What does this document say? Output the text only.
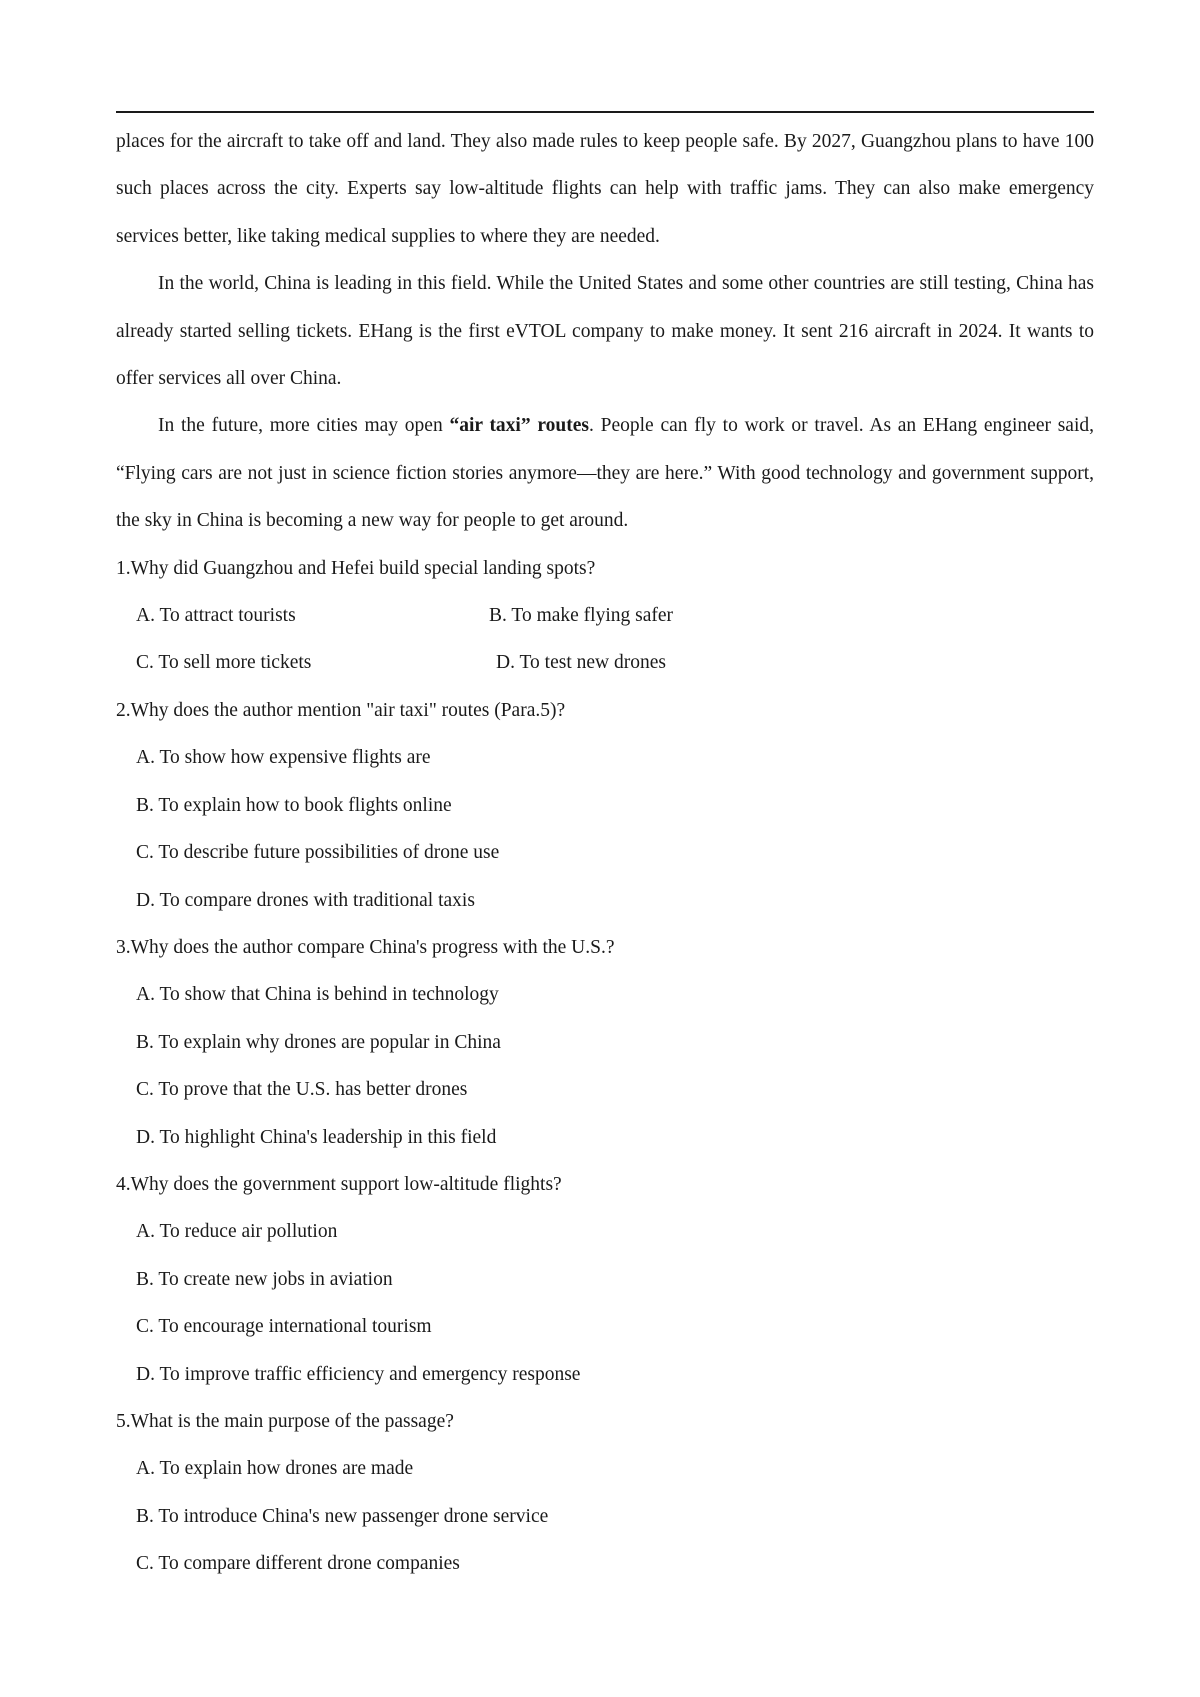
places for the aircraft to take off and land. They also made rules to keep people safe. By 2027, Guangzhou plans to have 100 such places across the city. Experts say low-altitude flights can help with traffic jams. They can also make emergency services better, like taking medical supplies to where they are needed.

In the world, China is leading in this field. While the United States and some other countries are still testing, China has already started selling tickets. EHang is the first eVTOL company to make money. It sent 216 aircraft in 2024. It wants to offer services all over China.

In the future, more cities may open “air taxi” routes. People can fly to work or travel. As an EHang engineer said, “Flying cars are not just in science fiction stories anymore—they are here.” With good technology and government support, the sky in China is becoming a new way for people to get around.

1.Why did Guangzhou and Hefei build special landing spots?
A. To attract tourists	B. To make flying safer
C. To sell more tickets	D. To test new drones
2.Why does the author mention "air taxi" routes (Para.5)?
A. To show how expensive flights are
B. To explain how to book flights online
C. To describe future possibilities of drone use
D. To compare drones with traditional taxis
3.Why does the author compare China's progress with the U.S.?
A. To show that China is behind in technology
B. To explain why drones are popular in China
C. To prove that the U.S. has better drones
D. To highlight China's leadership in this field
4.Why does the government support low-altitude flights?
A. To reduce air pollution
B. To create new jobs in aviation
C. To encourage international tourism
D. To improve traffic efficiency and emergency response
5.What is the main purpose of the passage?
A. To explain how drones are made
B. To introduce China's new passenger drone service
C. To compare different drone companies
